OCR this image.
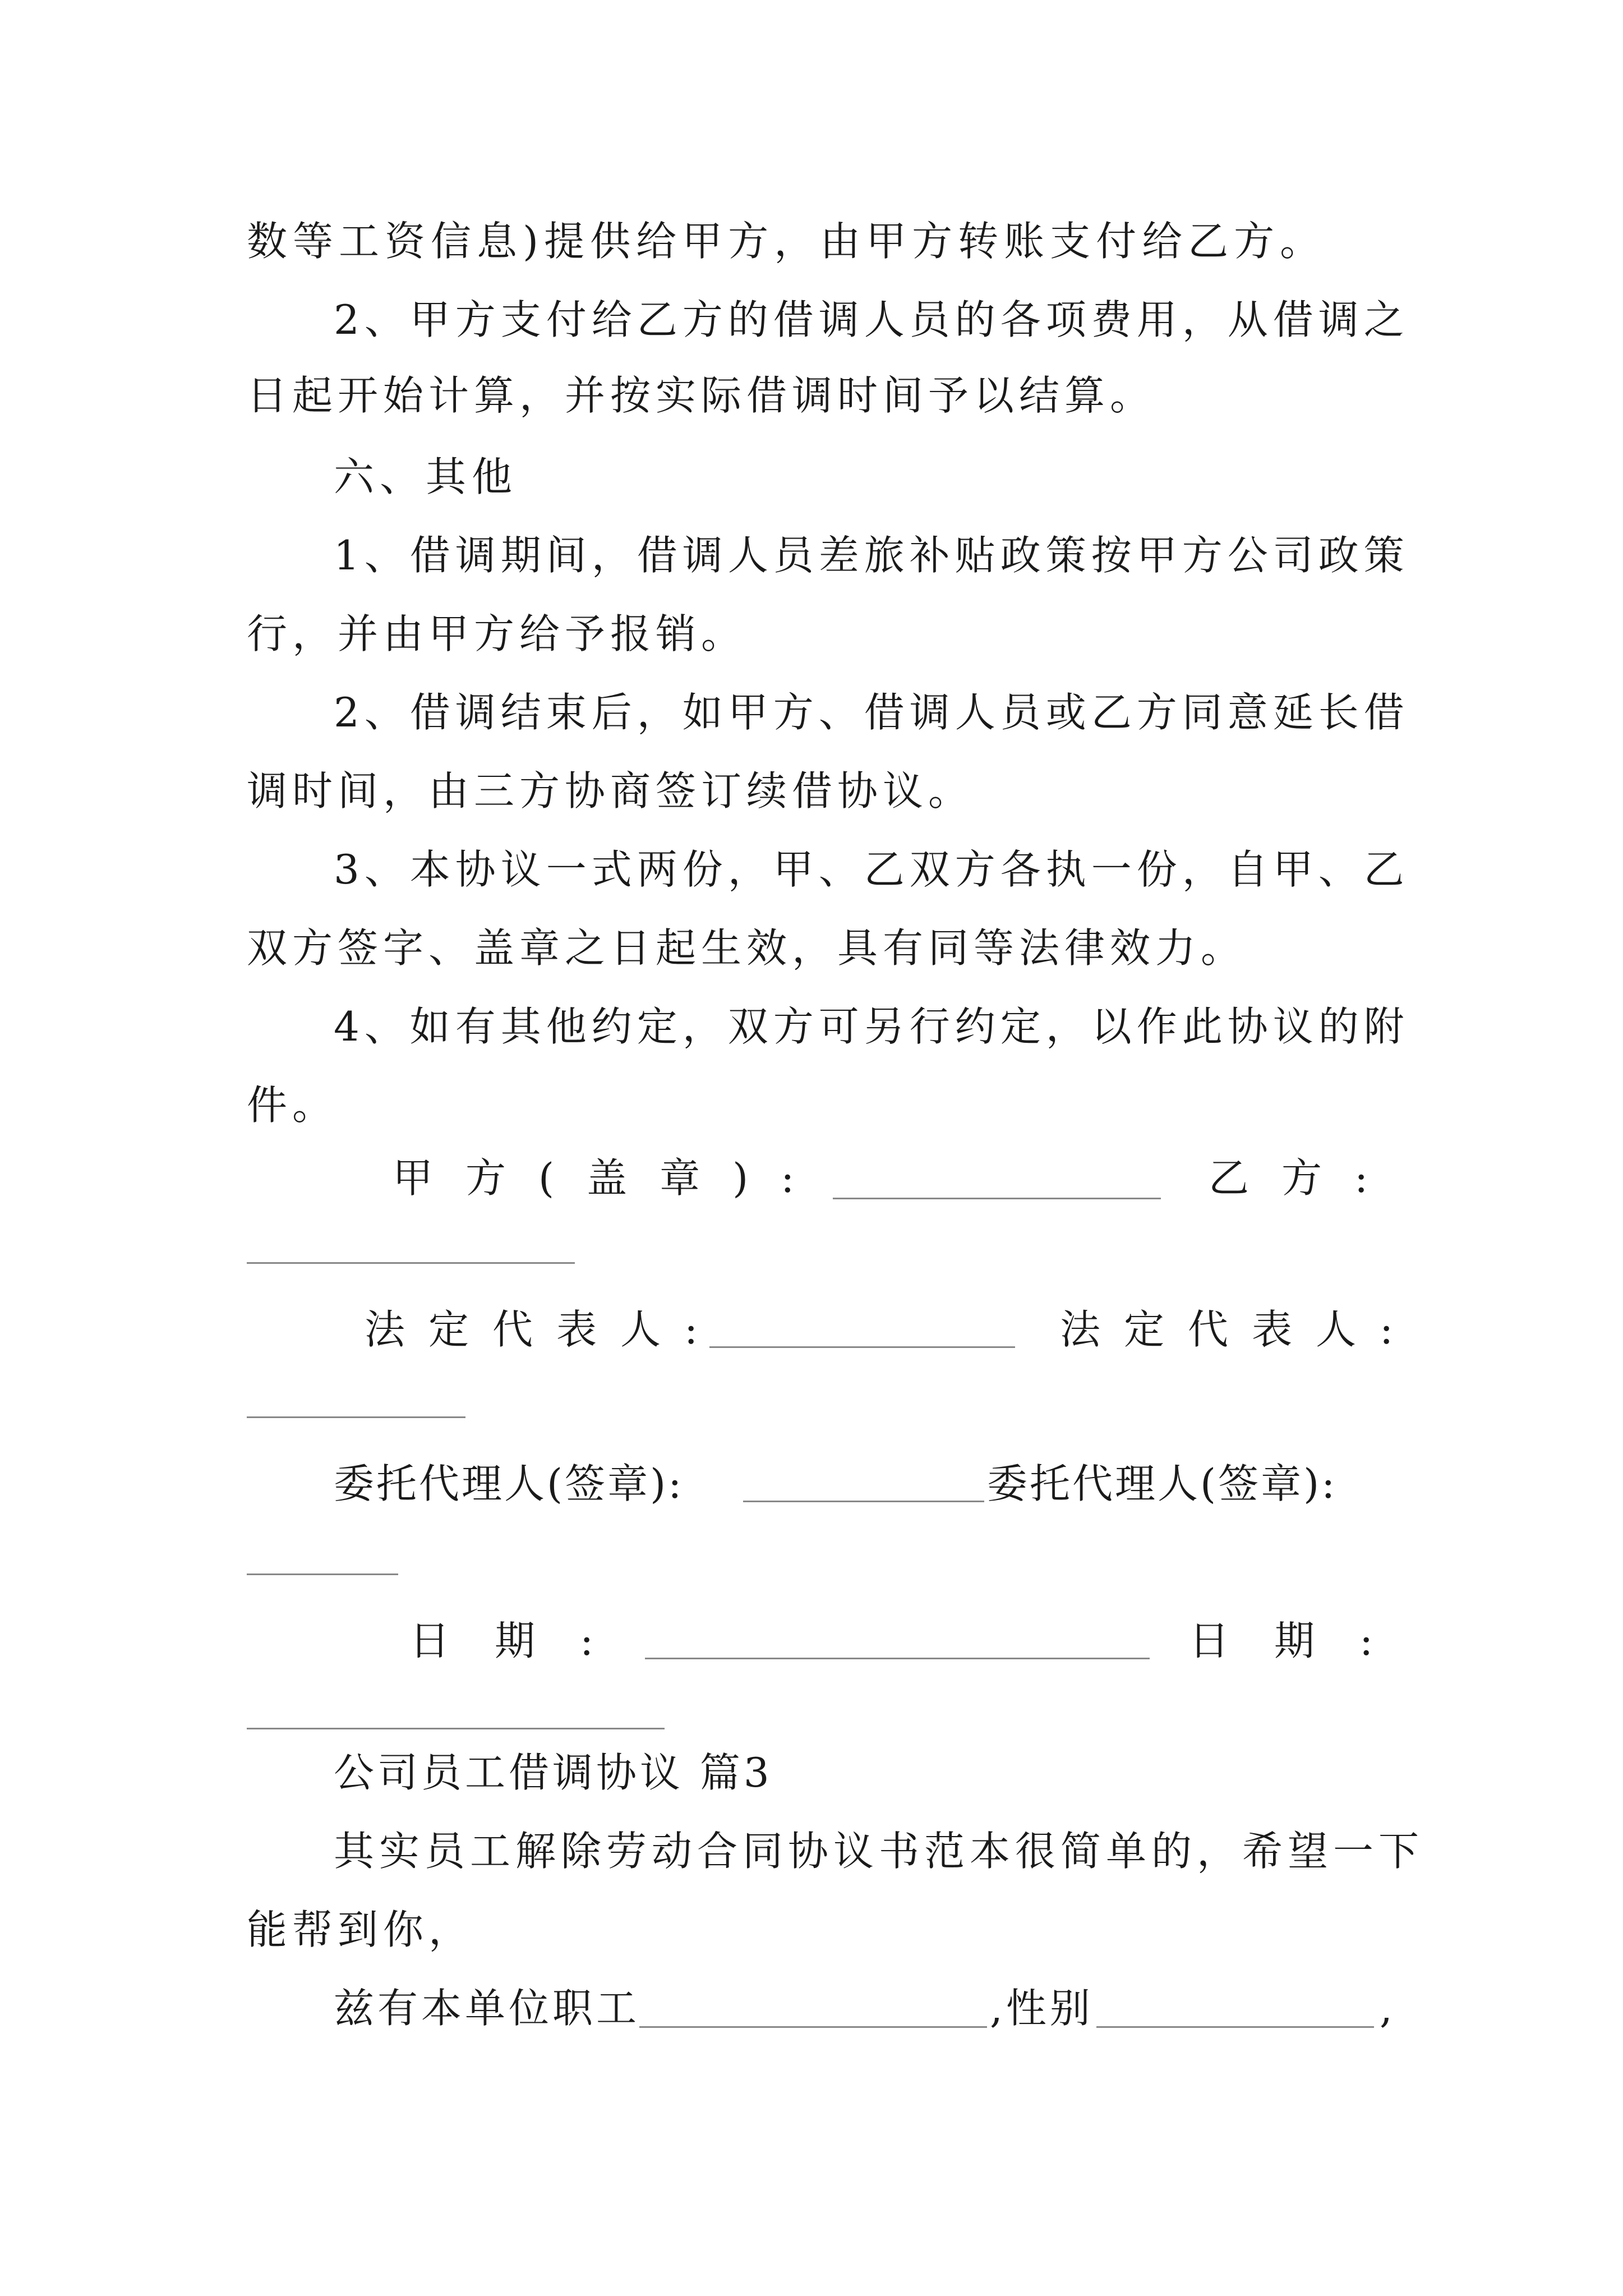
数等工资信息)提供给甲方，由甲方转账支付给乙方。
2、甲方支付给乙方的借调人员的各项费用，从借调之
日起开始计算，并按实际借调时间予以结算。
六、其他
1、借调期间，借调人员差旅补贴政策按甲方公司政策
行，并由甲方给予报销。
2、借调结束后，如甲方、借调人员或乙方同意延长借
调时间，由三方协商签订续借协议。
3、本协议一式两份，甲、乙双方各执一份，自甲、乙
双方签字、盖章之日起生效，具有同等法律效力。
4、如有其他约定，双方可另行约定，以作此协议的附
件。
甲方(盖章):	乙方:
法定代表人:	法定代表人:
委托代理人(签章):	委托代理人(签章):
日期:	日期:
公司员工借调协议 篇3
其实员工解除劳动合同协议书范本很简单的，希望一下
能帮到你，
兹有本单位职工	,性别	,
